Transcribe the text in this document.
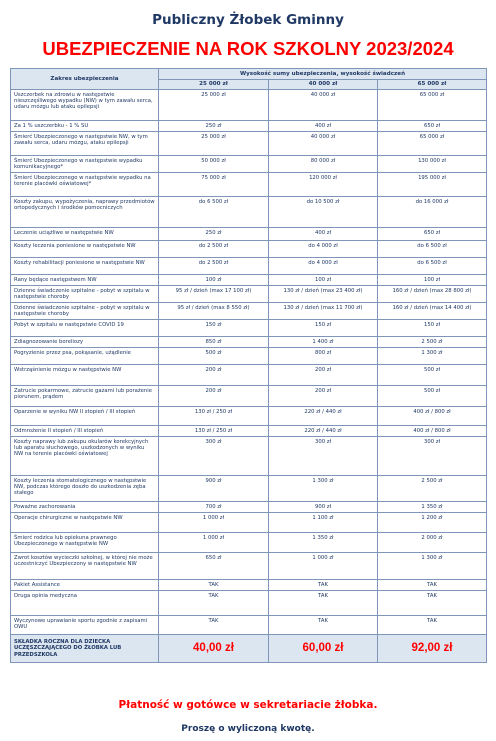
Publiczny Żłobek Gminny
UBEZPIECZENIE NA ROK SZKOLNY 2023/2024
Zakres ubezpieczenia	Wysokość sumy ubezpieczenia, wysokość świadczeń		
	25 000 zł	40 000 zł	65 000 zł
Uszczerbek na zdrowiu w następstwie nieszczęśliwego wypadku (NW) w tym zawału serca, udaru mózgu lub ataku epilepsji	25 000 zł	40 000 zł	65 000 zł
Za 1 % uszczerbku - 1 % SU	250 zł	400 zł	650 zł
Śmierć Ubezpieczonego w następstwie NW, w tym zawału serca, udaru mózgu, ataku epilepsji	25 000 zł	40 000 zł	65 000 zł
Śmierć Ubezpieczonego w następstwie wypadku komunikacyjnego*	50 000 zł	80 000 zł	130 000 zł
Śmierć Ubezpieczonego w następstwie wypadku na terenie placówki oświatowej*	75 000 zł	120 000 zł	195 000 zł
Koszty zakupu, wypożyczenia, naprawy przedmiotów ortopedycznych i środków pomocniczych	do 6 500 zł	do 10 500 zł	do 16 000 zł
Leczenie uciążliwe w następstwie NW	250 zł	400 zł	650 zł
Koszty leczenia poniesione w następstwie NW	do 2 500 zł	do 4 000 zł	do 6 500 zł
Koszty rehabilitacji poniesione w następstwie NW	do 2 500 zł	do 4 000 zł	do 6 500 zł
Rany będące następstwem NW	100 zł	100 zł	100 zł
Dzienne świadczenie szpitalne - pobyt w szpitalu w następstwie choroby	95 zł / dzień (max 17 100 zł)	130 zł / dzień (max 23 400 zł)	160 zł / dzień (max 28 800 zł)
Dzienne świadczenie szpitalne - pobyt w szpitalu w następstwie choroby	95 zł / dzień (max 8 550 zł)	130 zł / dzień (max 11 700 zł)	160 zł / dzień (max 14 400 zł)
Pobyt w szpitalu w następstwie COVID 19	150 zł	150 zł	150 zł
Zdiagnozowanie boreliozy	850 zł	1 400 zł	2 500 zł
Pogryzienie przez psa, pokąsanie, użądlenie	500 zł	800 zł	1 300 zł
Wstrząśnienie mózgu w następstwie NW	200 zł	200 zł	500 zł
Zatrucie pokarmowe, zatrucie gazami lub porażenie piorunem, prądem	200 zł	200 zł	500 zł
Oparzenie w wyniku NW II stopień / III stopień	130 zł / 250 zł	220 zł / 440 zł	400 zł / 800 zł
Odmrożenie II stopień / III stopień	130 zł / 250 zł	220 zł / 440 zł	400 zł / 800 zł
Koszty naprawy lub zakupu okularów korekcyjnych lub aparatu słuchowego, uszkodzonych w wyniku NW na terenie placówki oświatowej	300 zł	300 zł	300 zł
Koszty leczenia stomatologicznego w następstwie NW, podczas którego doszło do uszkodzenia zęba stałego	900 zł	1 300 zł	2 500 zł
Poważne zachorowania	700 zł	900 zł	1 350 zł
Operacje chirurgiczne w następstwie NW	1 000 zł	1 100 zł	1 200 zł
Śmierć rodzica lub opiekuna prawnego Ubezpieczonego w następstwie NW	1 000 zł	1 350 zł	2 000 zł
Zwrot kosztów wycieczki szkolnej, w której nie może uczestniczyć Ubezpieczony w następstwie NW	650 zł	1 000 zł	1 300 zł
Pakiet Assistance	TAK	TAK	TAK
Druga opinia medyczna	TAK	TAK	TAK
Wyczynowe uprawianie sportu zgodnie z zapisami OWU	TAK	TAK	TAK
SKŁADKA ROCZNA DLA DZIECKA UCZĘSZCZAJĄCEGO DO ŻŁOBKA LUB PRZEDSZKOLA	40,00 zł	60,00 zł	92,00 zł
Płatność w gotówce w sekretariacie żłobka.
Proszę o wyliczoną kwotę.
